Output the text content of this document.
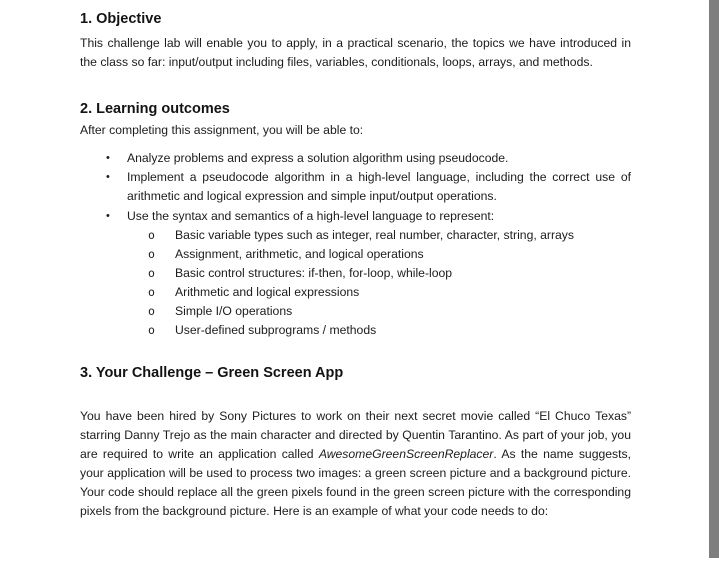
1. Objective

This challenge lab will enable you to apply, in a practical scenario, the topics we have introduced in the class so far: input/output including files, variables, conditionals, loops, arrays, and methods.

2. Learning outcomes

After completing this assignment, you will be able to:

•	Analyze problems and express a solution algorithm using pseudocode.
•	Implement a pseudocode algorithm in a high-level language, including the correct use of arithmetic and logical expression and simple input/output operations.
•	Use the syntax and semantics of a high-level language to represent:
o	Basic variable types such as integer, real number, character, string, arrays
o	Assignment, arithmetic, and logical operations
o	Basic control structures: if-then, for-loop, while-loop
o	Arithmetic and logical expressions
o	Simple I/O operations
o	User-defined subprograms / methods
3. Your Challenge – Green Screen App

You have been hired by Sony Pictures to work on their next secret movie called “El Chuco Texas” starring Danny Trejo as the main character and directed by Quentin Tarantino. As part of your job, you are required to write an application called AwesomeGreenScreenReplacer. As the name suggests, your application will be used to process two images: a green screen picture and a background picture. Your code should replace all the green pixels found in the green screen picture with the corresponding pixels from the background picture. Here is an example of what your code needs to do:
